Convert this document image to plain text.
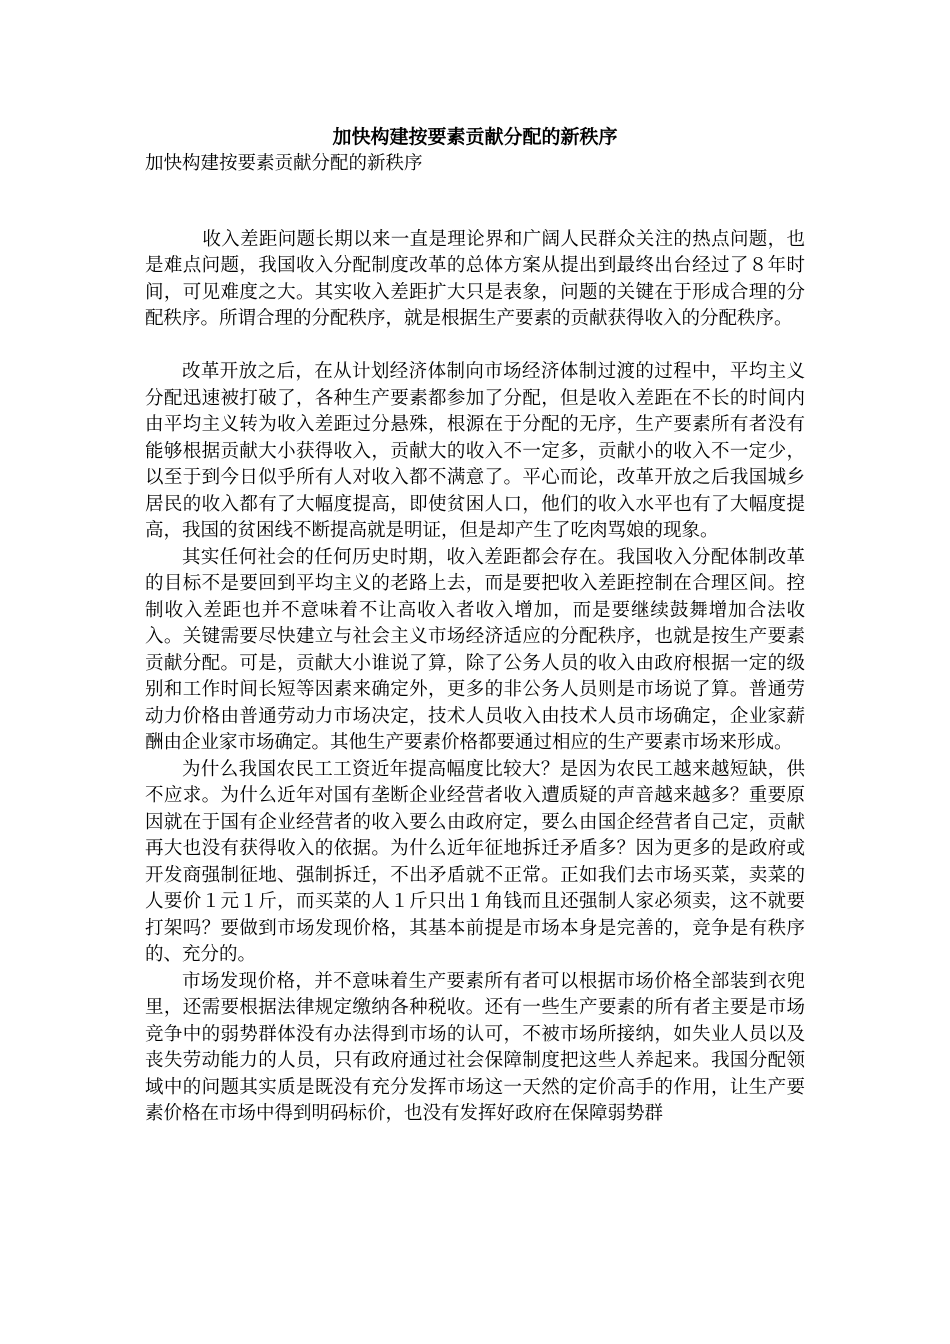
加快构建按要素贡献分配的新秩序

加快构建按要素贡献分配的新秩序

收入差距问题长期以来一直是理论界和广阔人民群众关注的热点问题，也是难点问题，我国收入分配制度改革的总体方案从提出到最终出台经过了８年时间，可见难度之大。其实收入差距扩大只是表象，问题的关键在于形成合理的分配秩序。所谓合理的分配秩序，就是根据生产要素的贡献获得收入的分配秩序。

改革开放之后，在从计划经济体制向市场经济体制过渡的过程中，平均主义分配迅速被打破了，各种生产要素都参加了分配，但是收入差距在不长的时间内由平均主义转为收入差距过分悬殊，根源在于分配的无序，生产要素所有者没有能够根据贡献大小获得收入，贡献大的收入不一定多，贡献小的收入不一定少，以至于到今日似乎所有人对收入都不满意了。平心而论，改革开放之后我国城乡居民的收入都有了大幅度提高，即使贫困人口，他们的收入水平也有了大幅度提高，我国的贫困线不断提高就是明证，但是却产生了吃肉骂娘的现象。

其实任何社会的任何历史时期，收入差距都会存在。我国收入分配体制改革的目标不是要回到平均主义的老路上去，而是要把收入差距控制在合理区间。控制收入差距也并不意味着不让高收入者收入增加，而是要继续鼓舞增加合法收入。关键需要尽快建立与社会主义市场经济适应的分配秩序，也就是按生产要素贡献分配。可是，贡献大小谁说了算，除了公务人员的收入由政府根据一定的级别和工作时间长短等因素来确定外，更多的非公务人员则是市场说了算。普通劳动力价格由普通劳动力市场决定，技术人员收入由技术人员市场确定，企业家薪酬由企业家市场确定。其他生产要素价格都要通过相应的生产要素市场来形成。

为什么我国农民工工资近年提高幅度比较大？是因为农民工越来越短缺，供不应求。为什么近年对国有垄断企业经营者收入遭质疑的声音越来越多？重要原因就在于国有企业经营者的收入要么由政府定，要么由国企经营者自己定，贡献再大也没有获得收入的依据。为什么近年征地拆迁矛盾多？因为更多的是政府或开发商强制征地、强制拆迁，不出矛盾就不正常。正如我们去市场买菜，卖菜的人要价１元１斤，而买菜的人１斤只出１角钱而且还强制人家必须卖，这不就要打架吗？要做到市场发现价格，其基本前提是市场本身是完善的，竞争是有秩序的、充分的。

市场发现价格，并不意味着生产要素所有者可以根据市场价格全部装到衣兜里，还需要根据法律规定缴纳各种税收。还有一些生产要素的所有者主要是市场竞争中的弱势群体没有办法得到市场的认可，不被市场所接纳，如失业人员以及丧失劳动能力的人员，只有政府通过社会保障制度把这些人养起来。我国分配领域中的问题其实质是既没有充分发挥市场这一天然的定价高手的作用，让生产要素价格在市场中得到明码标价，也没有发挥好政府在保障弱势群
